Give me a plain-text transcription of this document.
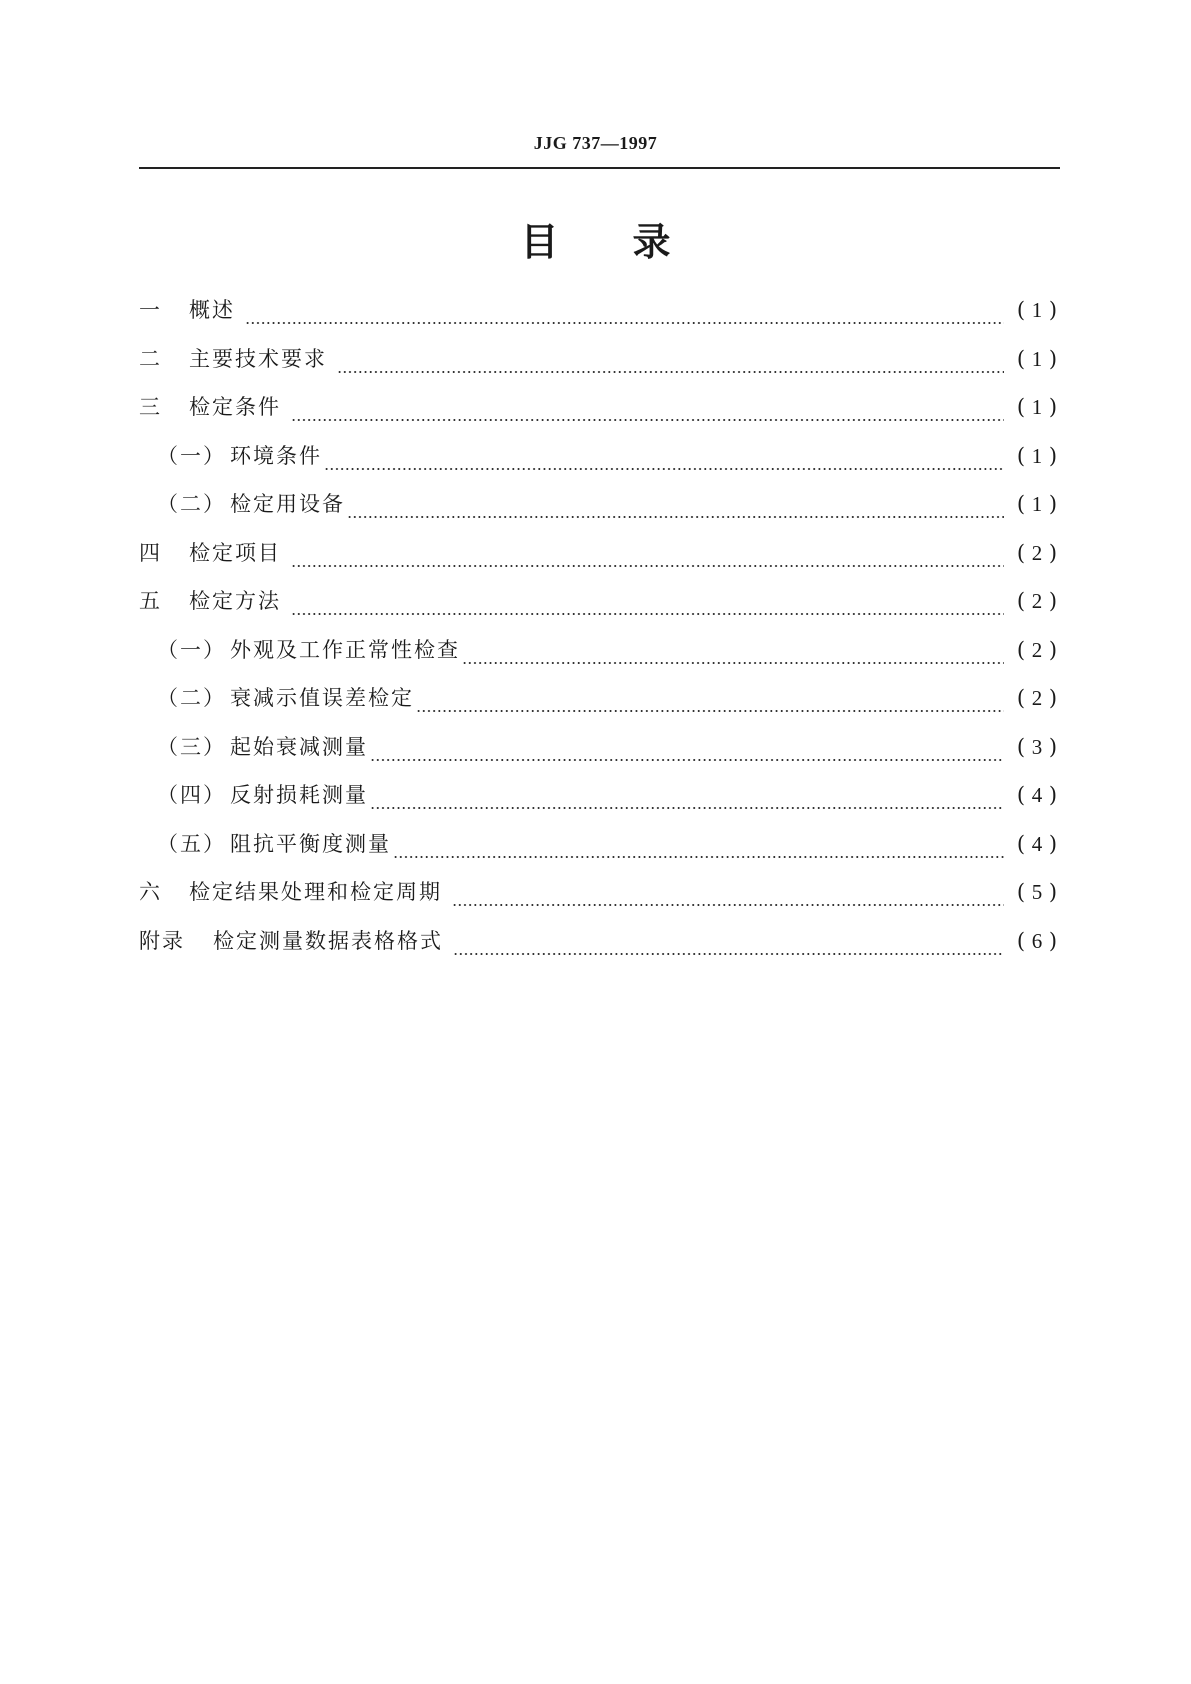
JJG 737—1997
目 录
一	概述	( 1 )
二	主要技术要求	( 1 )
三	检定条件	( 1 )
（一） 环境条件	( 1 )
（二） 检定用设备	( 1 )
四	检定项目	( 2 )
五	检定方法	( 2 )
（一） 外观及工作正常性检查	( 2 )
（二） 衰减示值误差检定	( 2 )
（三） 起始衰减测量	( 3 )
（四） 反射损耗测量	( 4 )
（五） 阻抗平衡度测量	( 4 )
六	检定结果处理和检定周期	( 5 )
附录	检定测量数据表格格式	( 6 )
